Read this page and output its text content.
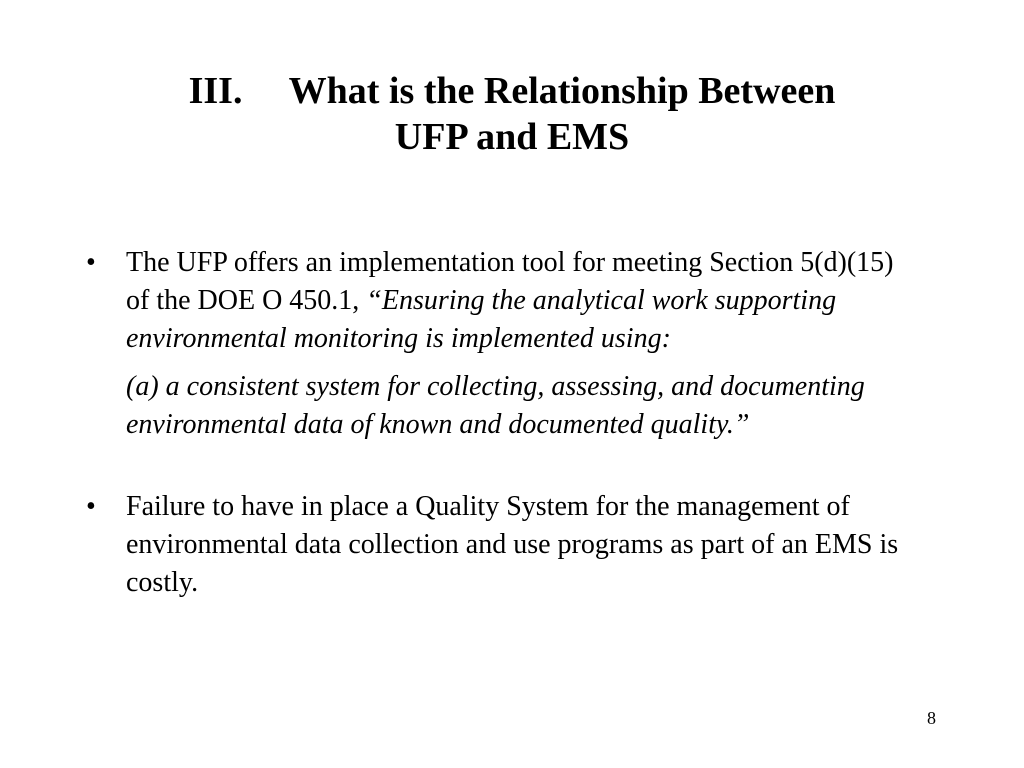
III. What is the Relationship Between
UFP and EMS
•	The UFP offers an implementation tool for meeting Section 5(d)(15) of the DOE O 450.1, “Ensuring the analytical work supporting environmental monitoring is implemented using:
(a) a consistent system for collecting, assessing, and documenting environmental data of known and documented quality.”
•	Failure to have in place a Quality System for the management of environmental data collection and use programs as part of an EMS is costly.
8
